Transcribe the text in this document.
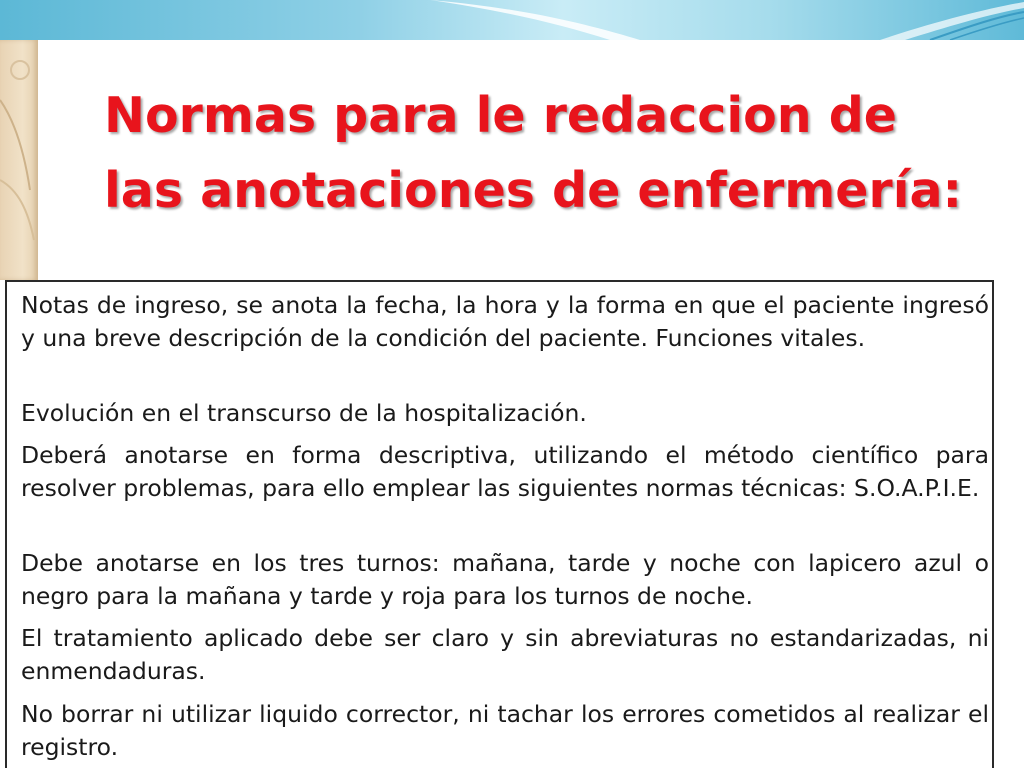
Normas para le redaccion de
las anotaciones de enfermería:

Notas de ingreso, se anota la fecha, la hora y la forma en que el paciente ingresó y una breve descripción de la condición del paciente. Funciones vitales.

Evolución en el transcurso de la hospitalización.

Deberá anotarse en forma descriptiva, utilizando el método científico para resolver problemas, para ello emplear las siguientes normas técnicas: S.O.A.P.I.E.

Debe anotarse en los tres turnos: mañana, tarde y noche con lapicero azul o negro para la mañana y tarde y roja para los turnos de noche.

El tratamiento aplicado debe ser claro y sin abreviaturas no estandarizadas, ni enmendaduras.

No borrar ni utilizar liquido corrector, ni tachar los errores cometidos al realizar el registro.
